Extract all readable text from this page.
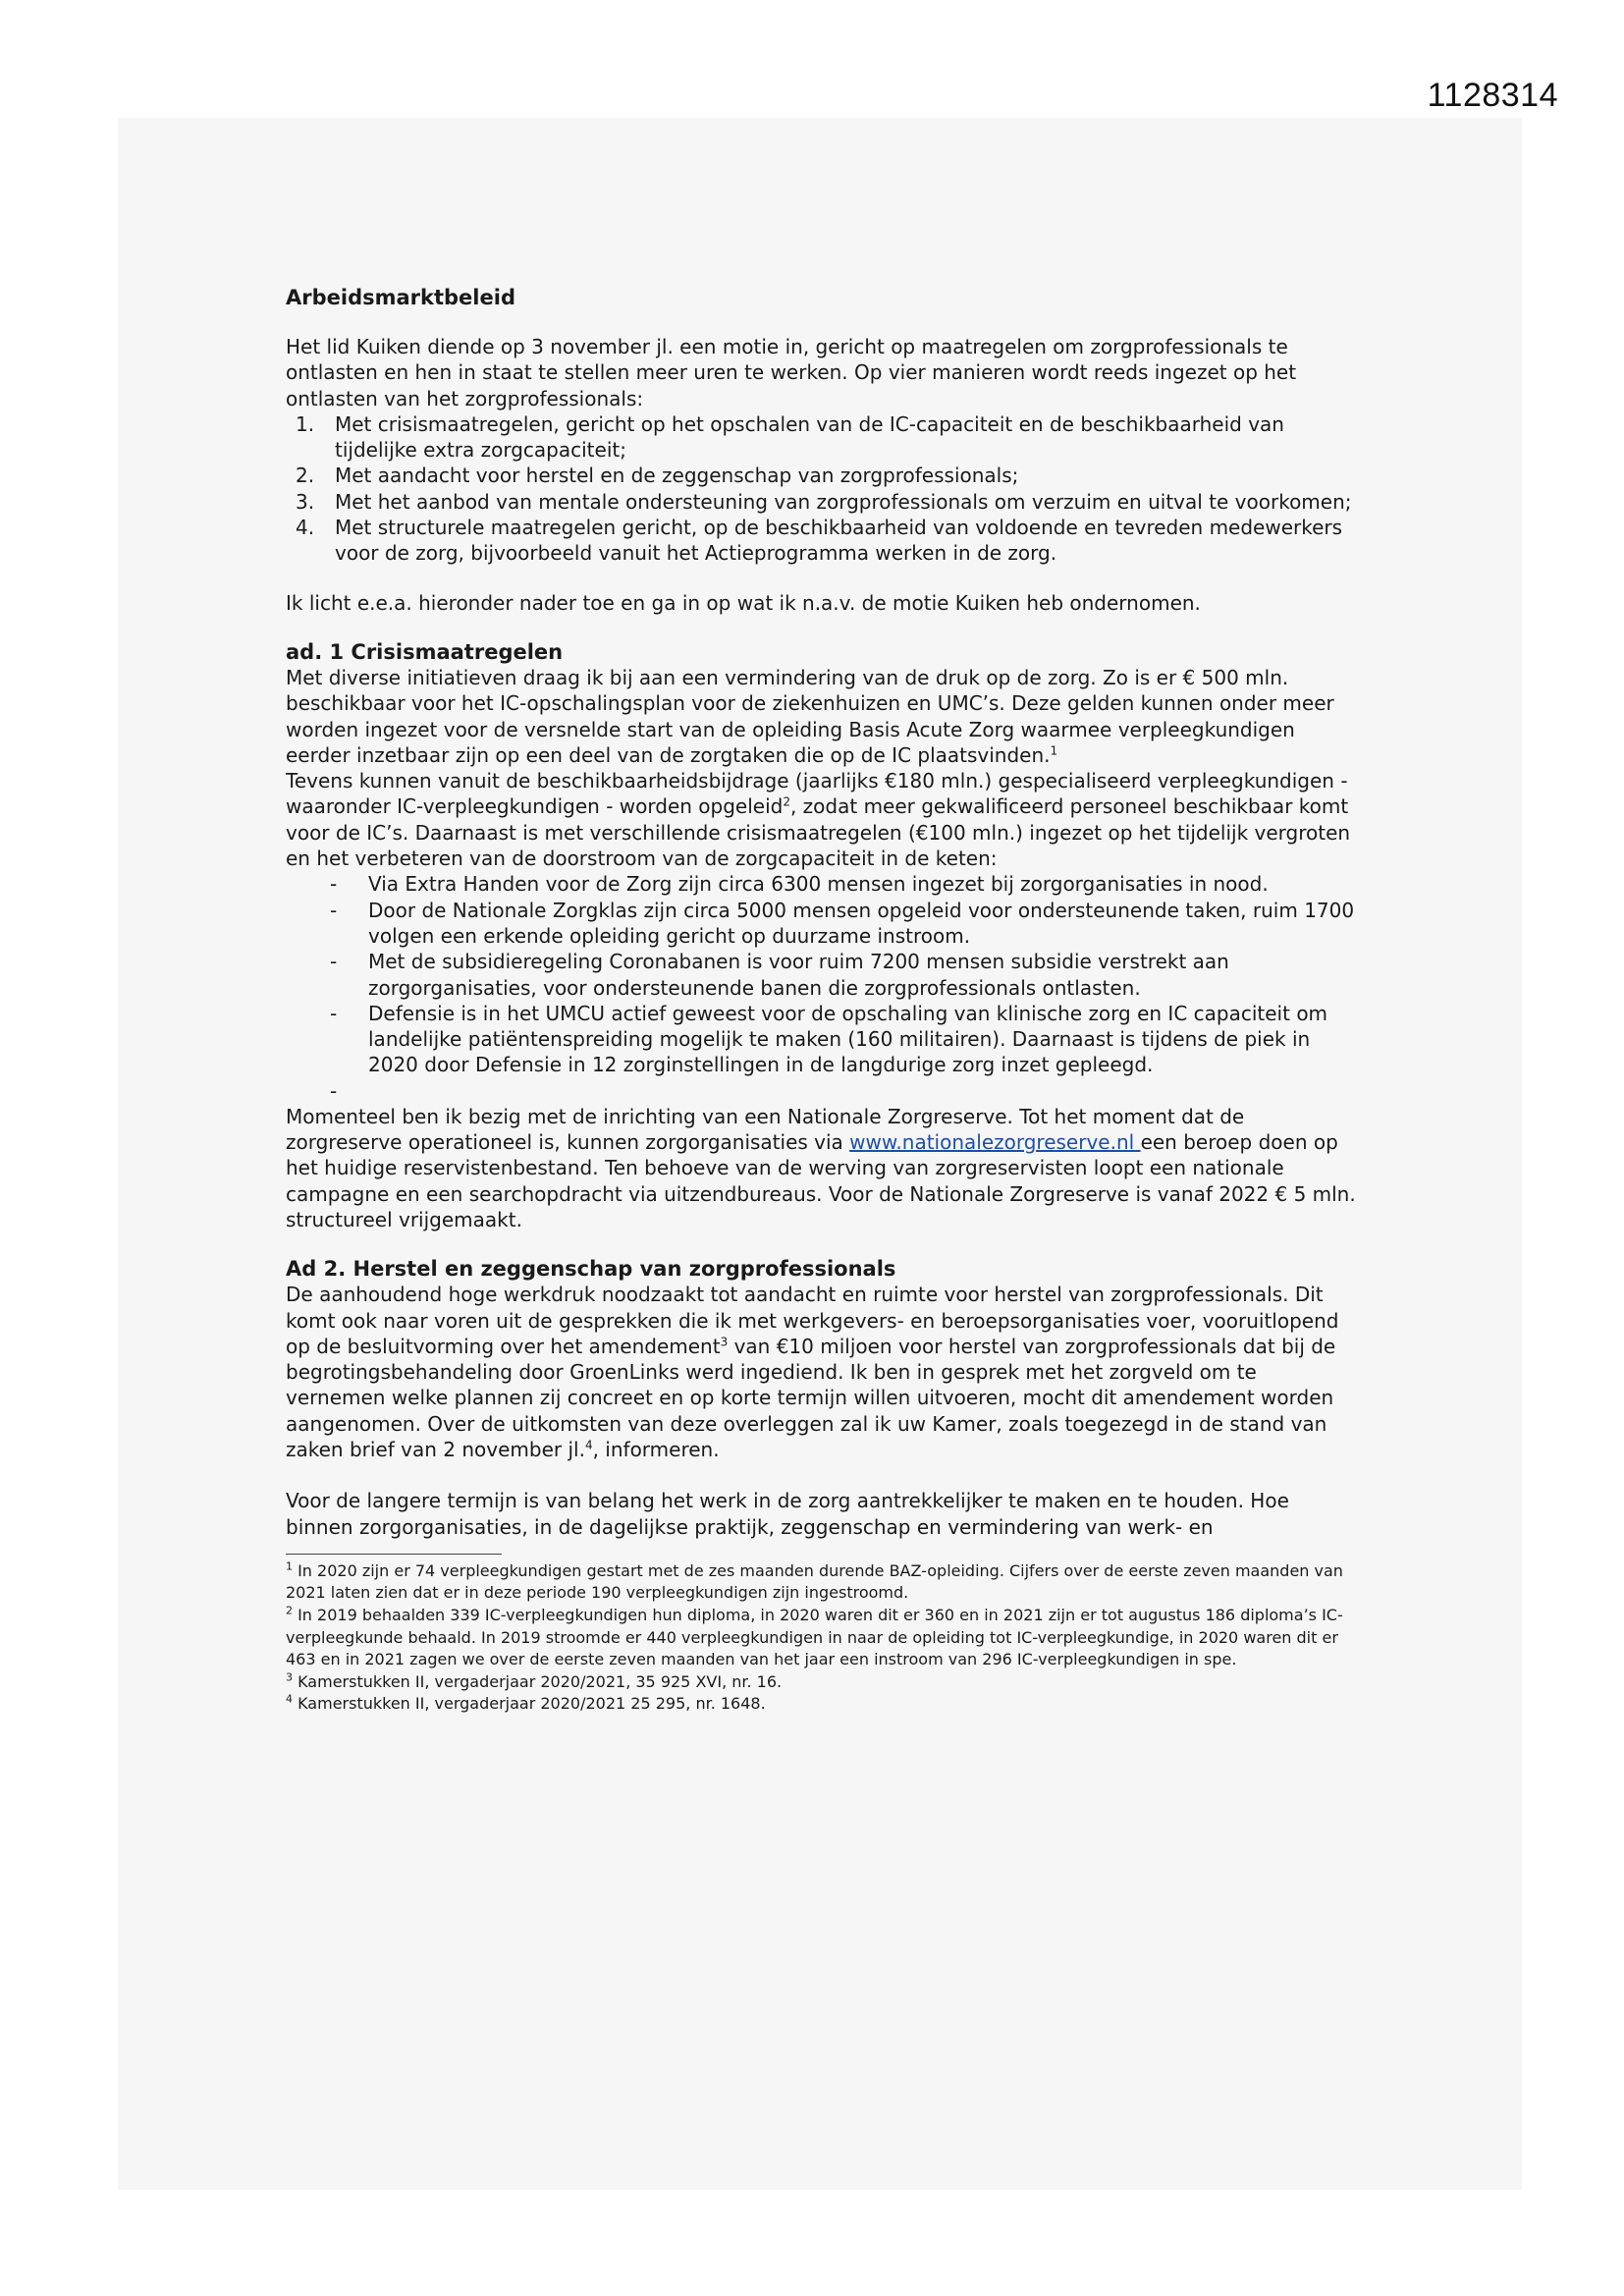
1128314
Arbeidsmarktbeleid

Het lid Kuiken diende op 3 november jl. een motie in, gericht op maatregelen om zorgprofessionals te ontlasten en hen in staat te stellen meer uren te werken. Op vier manieren wordt reeds ingezet op het ontlasten van het zorgprofessionals:

1. Met crisismaatregelen, gericht op het opschalen van de IC-capaciteit en de beschikbaarheid van tijdelijke extra zorgcapaciteit;
2. Met aandacht voor herstel en de zeggenschap van zorgprofessionals;
3. Met het aanbod van mentale ondersteuning van zorgprofessionals om verzuim en uitval te voorkomen;
4. Met structurele maatregelen gericht, op de beschikbaarheid van voldoende en tevreden medewerkers voor de zorg, bijvoorbeeld vanuit het Actieprogramma werken in de zorg.

Ik licht e.e.a. hieronder nader toe en ga in op wat ik n.a.v. de motie Kuiken heb ondernomen.

ad. 1 Crisismaatregelen

Met diverse initiatieven draag ik bij aan een vermindering van de druk op de zorg. Zo is er € 500 mln. beschikbaar voor het IC-opschalingsplan voor de ziekenhuizen en UMC’s. Deze gelden kunnen onder meer worden ingezet voor de versnelde start van de opleiding Basis Acute Zorg waarmee verpleegkundigen eerder inzetbaar zijn op een deel van de zorgtaken die op de IC plaatsvinden.$^1$
Tevens kunnen vanuit de beschikbaarheidsbijdrage (jaarlijks €180 mln.) gespecialiseerd verpleegkundigen - waaronder IC-verpleegkundigen - worden opgeleid$^2$, zodat meer gekwalificeerd personeel beschikbaar komt voor de IC’s. Daarnaast is met verschillende crisismaatregelen (€100 mln.) ingezet op het tijdelijk vergroten en het verbeteren van de doorstroom van de zorgcapaciteit in de keten:

- Via Extra Handen voor de Zorg zijn circa 6300 mensen ingezet bij zorgorganisaties in nood.
- Door de Nationale Zorgklas zijn circa 5000 mensen opgeleid voor ondersteunende taken, ruim 1700 volgen een erkende opleiding gericht op duurzame instroom.
- Met de subsidieregeling Coronabanen is voor ruim 7200 mensen subsidie verstrekt aan zorgorganisaties, voor ondersteunende banen die zorgprofessionals ontlasten.
- Defensie is in het UMCU actief geweest voor de opschaling van klinische zorg en IC capaciteit om landelijke patiëntenspreiding mogelijk te maken (160 militairen). Daarnaast is tijdens de piek in 2020 door Defensie in 12 zorginstellingen in de langdurige zorg inzet gepleegd.
-

Momenteel ben ik bezig met de inrichting van een Nationale Zorgreserve. Tot het moment dat de zorgreserve operationeel is, kunnen zorgorganisaties via www.nationalezorgreserve.nl een beroep doen op het huidige reservistenbestand. Ten behoeve van de werving van zorgreservisten loopt een nationale campagne en een searchopdracht via uitzendbureaus. Voor de Nationale Zorgreserve is vanaf 2022 € 5 mln. structureel vrijgemaakt.

Ad 2. Herstel en zeggenschap van zorgprofessionals

De aanhoudend hoge werkdruk noodzaakt tot aandacht en ruimte voor herstel van zorgprofessionals. Dit komt ook naar voren uit de gesprekken die ik met werkgevers- en beroepsorganisaties voer, vooruitlopend op de besluitvorming over het amendement$^3$ van €10 miljoen voor herstel van zorgprofessionals dat bij de begrotingsbehandeling door GroenLinks werd ingediend. Ik ben in gesprek met het zorgveld om te vernemen welke plannen zij concreet en op korte termijn willen uitvoeren, mocht dit amendement worden aangenomen. Over de uitkomsten van deze overleggen zal ik uw Kamer, zoals toegezegd in de stand van zaken brief van 2 november jl.$^4$, informeren.

Voor de langere termijn is van belang het werk in de zorg aantrekkelijker te maken en te houden. Hoe binnen zorgorganisaties, in de dagelijkse praktijk, zeggenschap en vermindering van werk- en

$^1$ In 2020 zijn er 74 verpleegkundigen gestart met de zes maanden durende BAZ-opleiding. Cijfers over de eerste zeven maanden van 2021 laten zien dat er in deze periode 190 verpleegkundigen zijn ingestroomd.
$^2$ In 2019 behaalden 339 IC-verpleegkundigen hun diploma, in 2020 waren dit er 360 en in 2021 zijn er tot augustus 186 diploma’s IC-verpleegkunde behaald. In 2019 stroomde er 440 verpleegkundigen in naar de opleiding tot IC-verpleegkundige, in 2020 waren dit er 463 en in 2021 zagen we over de eerste zeven maanden van het jaar een instroom van 296 IC-verpleegkundigen in spe.
$^3$ Kamerstukken II, vergaderjaar 2020/2021, 35 925 XVI, nr. 16.
$^4$ Kamerstukken II, vergaderjaar 2020/2021 25 295, nr. 1648.
